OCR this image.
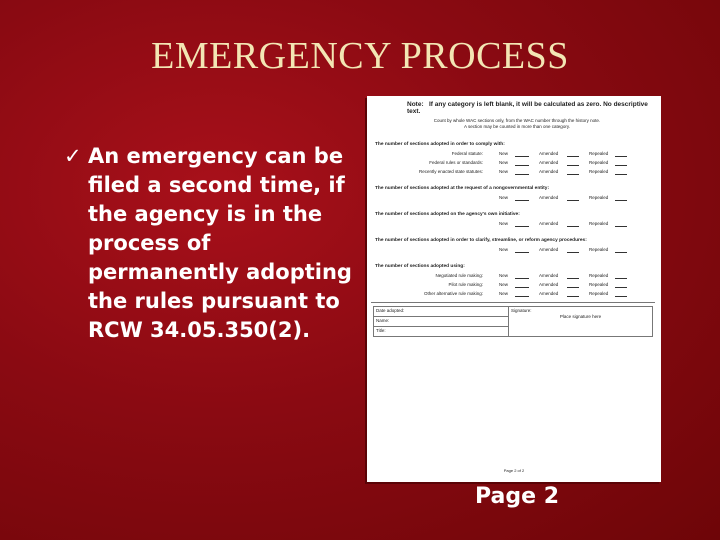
EMERGENCY PROCESS
✓ An emergency can be filed a second time, if the agency is in the process of permanently adopting the rules pursuant to RCW 34.05.350(2).
Note: If any category is left blank, it will be calculated as zero. No descriptive text.
Count by whole WAC sections only, from the WAC number through the history note.
A section may be counted in more than one category.
The number of sections adopted in order to comply with:
Federal statute:	New	Amended	Repealed
Federal rules or standards:	New	Amended	Repealed
Recently enacted state statutes:	New	Amended	Repealed
The number of sections adopted at the request of a nongovernmental entity:
New	Amended	Repealed
The number of sections adopted on the agency's own initiative:
New	Amended	Repealed
The number of sections adopted in order to clarify, streamline, or reform agency procedures:
New	Amended	Repealed
The number of sections adopted using:
Negotiated rule making:	New	Amended	Repealed
Pilot rule making:	New	Amended	Repealed
Other alternative rule making:	New	Amended	Repealed
Date adopted:	Signature:
Place signature here

Name:
Title:
Page 2 of 2
Page 2
